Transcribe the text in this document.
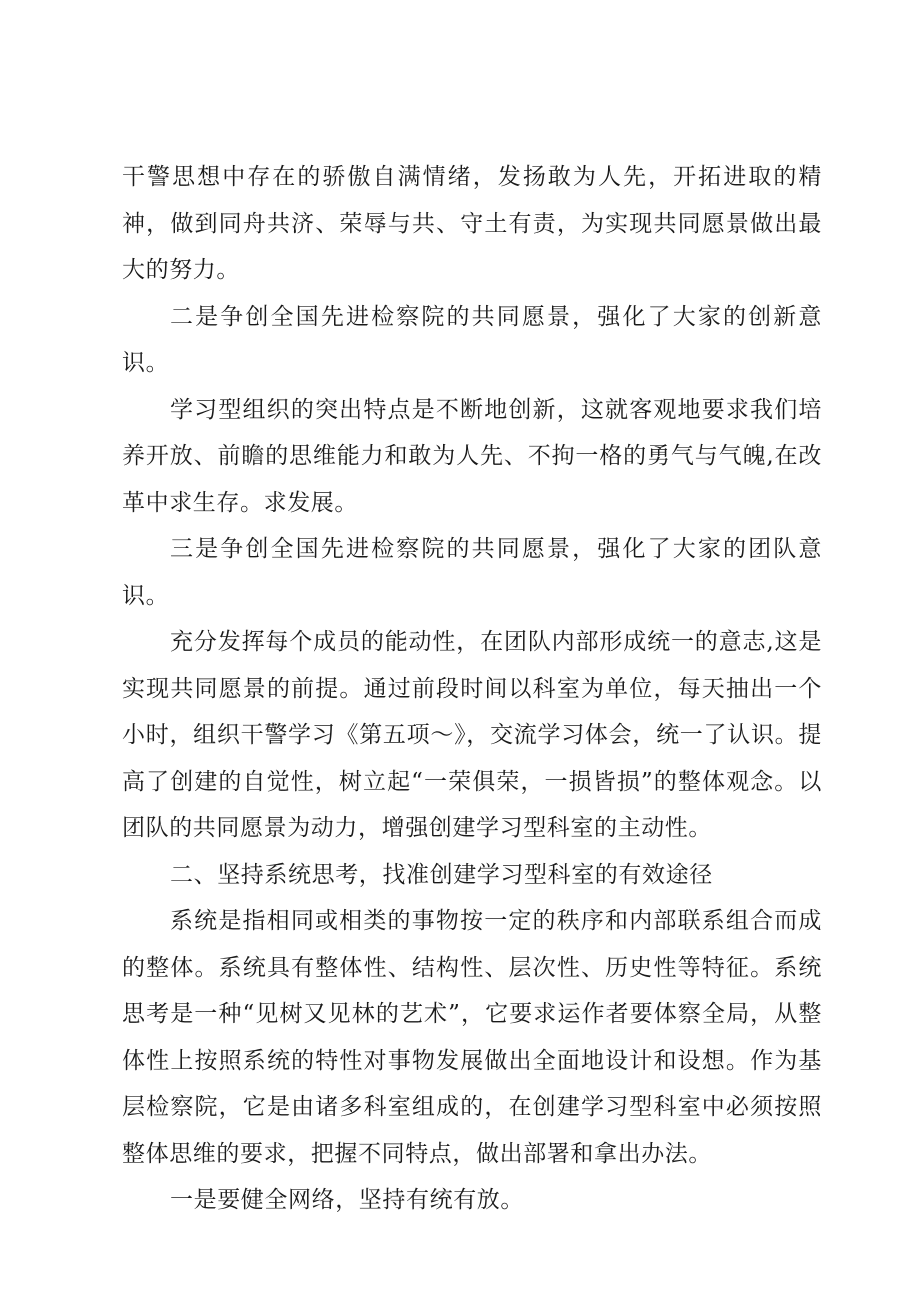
干警思想中存在的骄傲自满情绪，发扬敢为人先，开拓进取的精神，做到同舟共济、荣辱与共、守土有责，为实现共同愿景做出最大的努力。

二是争创全国先进检察院的共同愿景，强化了大家的创新意识。

学习型组织的突出特点是不断地创新，这就客观地要求我们培养开放、前瞻的思维能力和敢为人先、不拘一格的勇气与气魄,在改革中求生存。求发展。

三是争创全国先进检察院的共同愿景，强化了大家的团队意识。

充分发挥每个成员的能动性，在团队内部形成统一的意志,这是实现共同愿景的前提。通过前段时间以科室为单位，每天抽出一个小时，组织干警学习《第五项～》，交流学习体会，统一了认识。提高了创建的自觉性，树立起“一荣俱荣，一损皆损”的整体观念。以团队的共同愿景为动力，增强创建学习型科室的主动性。

二、坚持系统思考，找准创建学习型科室的有效途径

系统是指相同或相类的事物按一定的秩序和内部联系组合而成的整体。系统具有整体性、结构性、层次性、历史性等特征。系统思考是一种“见树又见林的艺术”，它要求运作者要体察全局，从整体性上按照系统的特性对事物发展做出全面地设计和设想。作为基层检察院，它是由诸多科室组成的，在创建学习型科室中必须按照整体思维的要求，把握不同特点，做出部署和拿出办法。

一是要健全网络，坚持有统有放。
